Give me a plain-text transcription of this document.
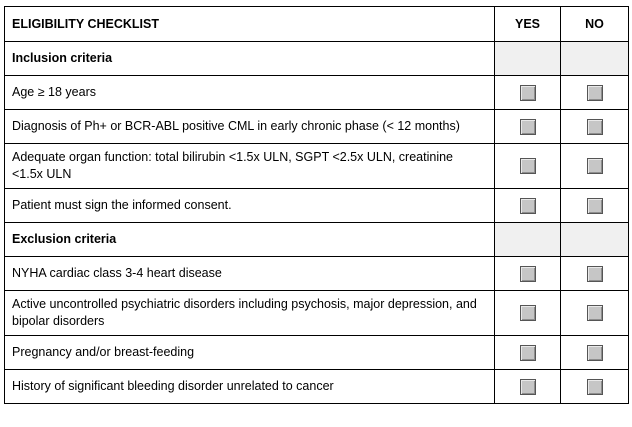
ELIGIBILITY CHECKLIST	YES	NO
Inclusion criteria		
Age ≥ 18 years		
Diagnosis of Ph+ or BCR-ABL positive CML in early chronic phase (< 12 months)		
Adequate organ function: total bilirubin <1.5x ULN, SGPT <2.5x ULN, creatinine <1.5x ULN		
Patient must sign the informed consent.		
Exclusion criteria		
NYHA cardiac class 3-4 heart disease		
Active uncontrolled psychiatric disorders including psychosis, major depression, and bipolar disorders		
Pregnancy and/or breast-feeding		
History of significant bleeding disorder unrelated to cancer		
